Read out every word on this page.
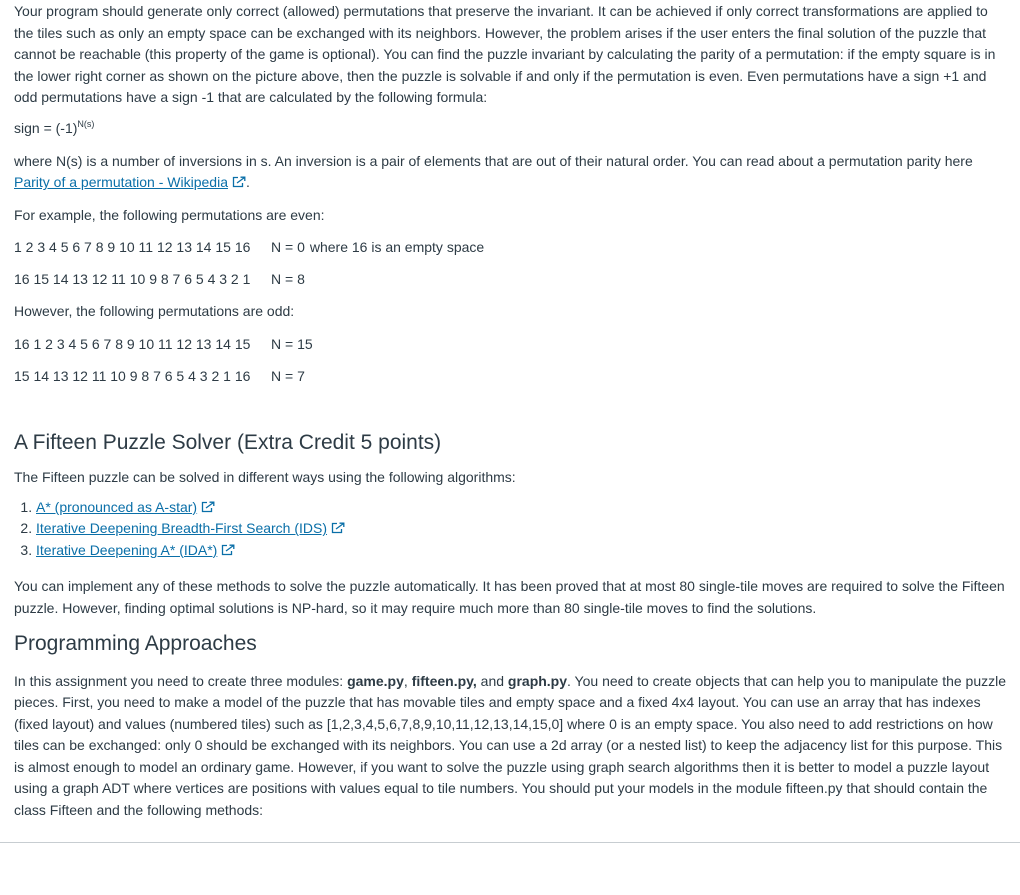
Your program should generate only correct (allowed) permutations that preserve the invariant. It can be achieved if only correct transformations are applied to the tiles such as only an empty space can be exchanged with its neighbors. However, the problem arises if the user enters the final solution of the puzzle that cannot be reachable (this property of the game is optional). You can find the puzzle invariant by calculating the parity of a permutation: if the empty square is in the lower right corner as shown on the picture above, then the puzzle is solvable if and only if the permutation is even. Even permutations have a sign +1 and odd permutations have a sign -1 that are calculated by the following formula:

sign = $(-1)^{N(s)}$

where N(s) is a number of inversions in s. An inversion is a pair of elements that are out of their natural order. You can read about a permutation parity here Parity of a permutation - Wikipedia .

For example, the following permutations are even:

1 2 3 4 5 6 7 8 9 10 11 12 13 14 15 16 N = 0 where 16 is an empty space
16 15 14 13 12 11 10 9 8 7 6 5 4 3 2 1 N = 8

However, the following permutations are odd:

16 1 2 3 4 5 6 7 8 9 10 11 12 13 14 15 N = 15
15 14 13 12 11 10 9 8 7 6 5 4 3 2 1 16 N = 7
A Fifteen Puzzle Solver (Extra Credit 5 points)

The Fifteen puzzle can be solved in different ways using the following algorithms:

1. A* (pronounced as A-star)
2. Iterative Deepening Breadth-First Search (IDS)
3. Iterative Deepening A* (IDA*)

You can implement any of these methods to solve the puzzle automatically. It has been proved that at most 80 single-tile moves are required to solve the Fifteen puzzle. However, finding optimal solutions is NP-hard, so it may require much more than 80 single-tile moves to find the solutions.

Programming Approaches

In this assignment you need to create three modules: game.py, fifteen.py, and graph.py. You need to create objects that can help you to manipulate the puzzle pieces. First, you need to make a model of the puzzle that has movable tiles and empty space and a fixed 4x4 layout. You can use an array that has indexes (fixed layout) and values (numbered tiles) such as [1,2,3,4,5,6,7,8,9,10,11,12,13,14,15,0] where 0 is an empty space. You also need to add restrictions on how tiles can be exchanged: only 0 should be exchanged with its neighbors. You can use a 2d array (or a nested list) to keep the adjacency list for this purpose. This is almost enough to model an ordinary game. However, if you want to solve the puzzle using graph search algorithms then it is better to model a puzzle layout using a graph ADT where vertices are positions with values equal to tile numbers. You should put your models in the module fifteen.py that should contain the class Fifteen and the following methods:
